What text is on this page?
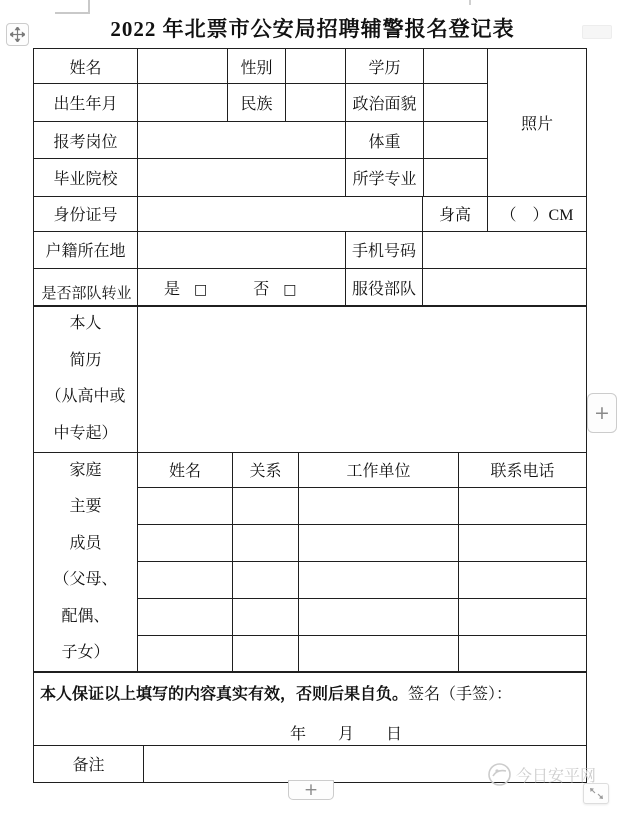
2022 年北票市公安局招聘辅警报名登记表
姓名		性别		学历		照片
出生年月		民族		政治面貌		
报考岗位				体重		
毕业院校				所学专业		
身份证号			身高	（　）CM
户籍所在地		手机号码		
是否部队转业	是 □ 否 □	服役部队		
本人
简历
（从高中或
中专起）

家庭
主要
成员
（父母、
配偶、
子女）
	姓名	关系	工作单位	联系电话

本人保证以上填写的内容真实有效，否则后果自负。签名（手签）：
年　　月　　日
备注	
+
+
今日安平网
